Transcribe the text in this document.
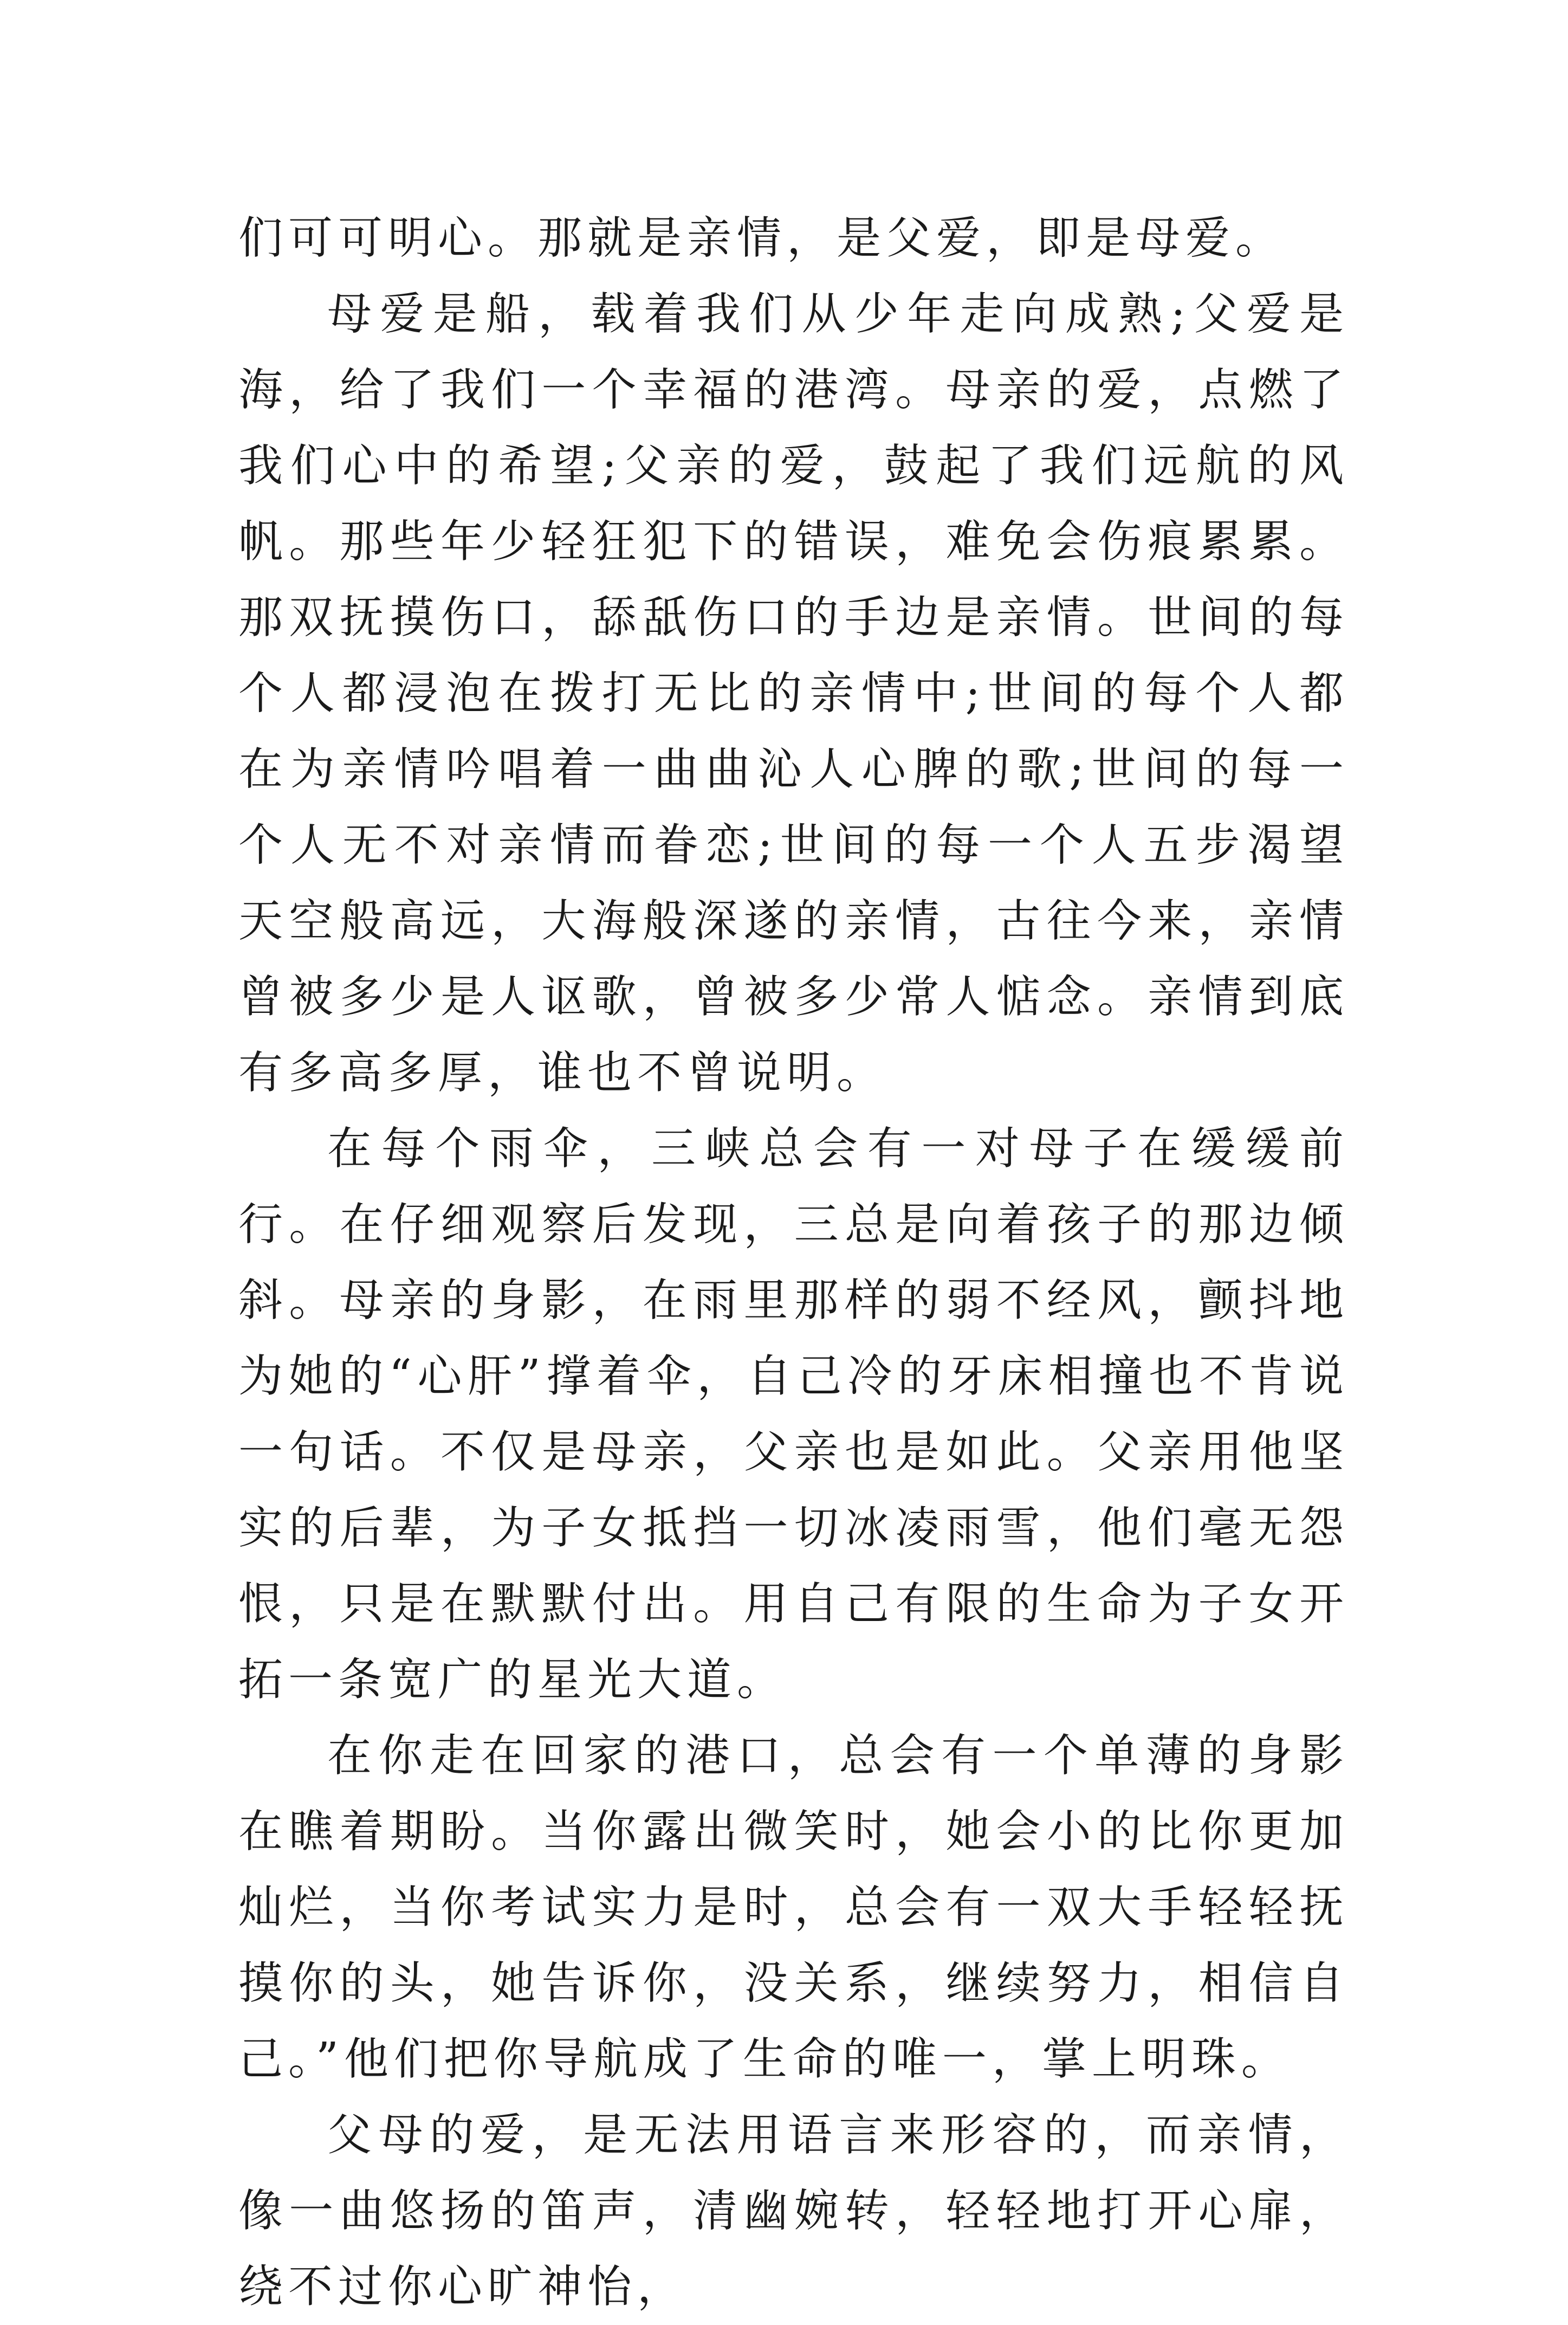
们可可明心。那就是亲情，是父爱，即是母爱。

母爱是船，载着我们从少年走向成熟;父爱是海，给了我们一个幸福的港湾。母亲的爱，点燃了我们心中的希望;父亲的爱，鼓起了我们远航的风帆。那些年少轻狂犯下的错误，难免会伤痕累累。那双抚摸伤口，舔舐伤口的手边是亲情。世间的每个人都浸泡在拨打无比的亲情中;世间的每个人都在为亲情吟唱着一曲曲沁人心脾的歌;世间的每一个人无不对亲情而眷恋;世间的每一个人五步渴望天空般高远，大海般深遂的亲情，古往今来，亲情曾被多少是人讴歌，曾被多少常人惦念。亲情到底有多高多厚，谁也不曾说明。

在每个雨伞，三峡总会有一对母子在缓缓前行。在仔细观察后发现，三总是向着孩子的那边倾斜。母亲的身影，在雨里那样的弱不经风，颤抖地为她的“心肝”撑着伞，自己冷的牙床相撞也不肯说一句话。不仅是母亲，父亲也是如此。父亲用他坚实的后辈，为子女抵挡一切冰凌雨雪，他们毫无怨恨，只是在默默付出。用自己有限的生命为子女开拓一条宽广的星光大道。

在你走在回家的港口，总会有一个单薄的身影在瞧着期盼。当你露出微笑时，她会小的比你更加灿烂，当你考试实力是时，总会有一双大手轻轻抚摸你的头，她告诉你，没关系，继续努力，相信自己。”他们把你导航成了生命的唯一，掌上明珠。

父母的爱，是无法用语言来形容的，而亲情，像一曲悠扬的笛声，清幽婉转，轻轻地打开心扉，绕不过你心旷神怡，
